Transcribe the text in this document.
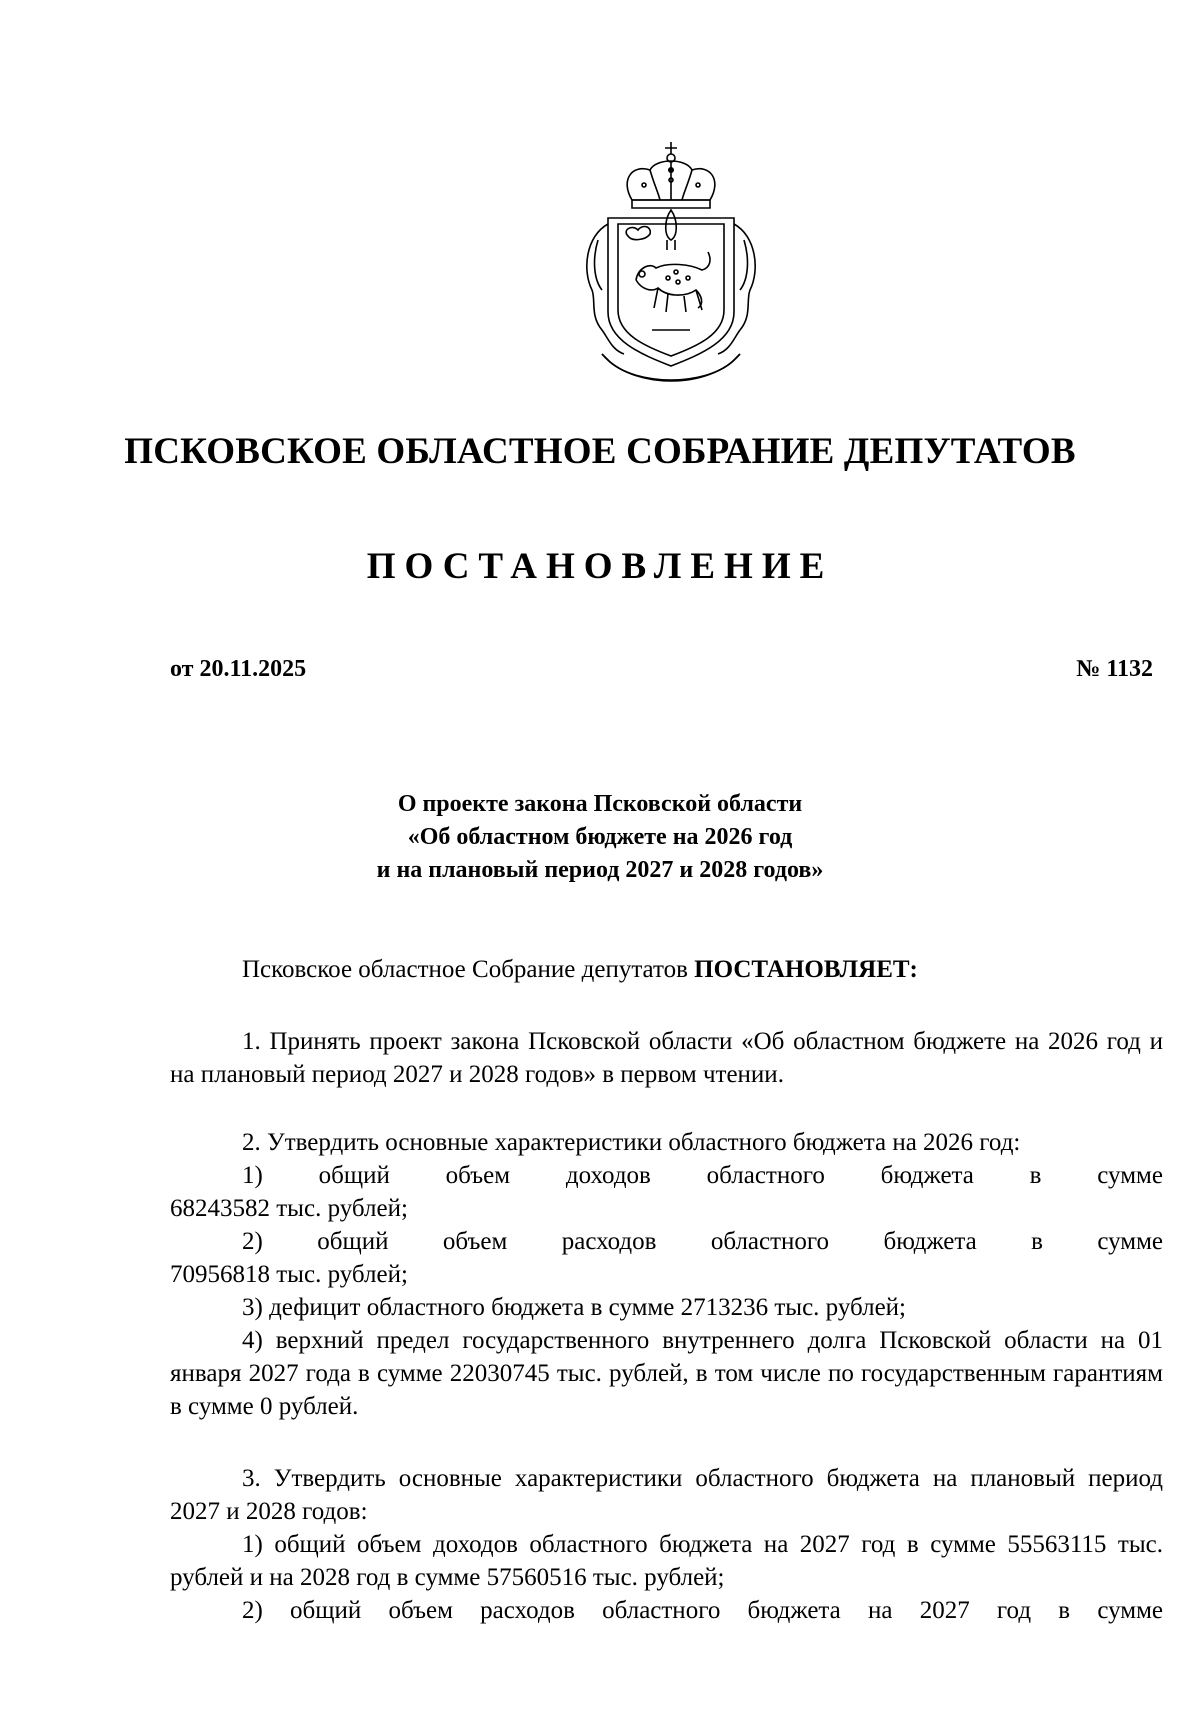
ПСКОВСКОЕ ОБЛАСТНОЕ СОБРАНИЕ ДЕПУТАТОВ
ПОСТАНОВЛЕНИЕ
от 20.11.2025	№ 1132
О проекте закона Псковской области
«Об областном бюджете на 2026 год
и на плановый период 2027 и 2028 годов»

Псковское областное Собрание депутатов ПОСТАНОВЛЯЕТ:

1. Принять проект закона Псковской области «Об областном бюджете на 2026 год и на плановый период 2027 и 2028 годов» в первом чтении.

2. Утвердить основные характеристики областного бюджета на 2026 год:

1) общий объем доходов областного бюджета в сумме

68243582 тыс. рублей;

2) общий объем расходов областного бюджета в сумме

70956818 тыс. рублей;

3) дефицит областного бюджета в сумме 2713236 тыс. рублей;

4) верхний предел государственного внутреннего долга Псковской области на 01 января 2027 года в сумме 22030745 тыс. рублей, в том числе по государственным гарантиям в сумме 0 рублей.

3. Утвердить основные характеристики областного бюджета на плановый период 2027 и 2028 годов:

1) общий объем доходов областного бюджета на 2027 год в сумме 55563115 тыс. рублей и на 2028 год в сумме 57560516 тыс. рублей;

2) общий объем расходов областного бюджета на 2027 год в сумме
